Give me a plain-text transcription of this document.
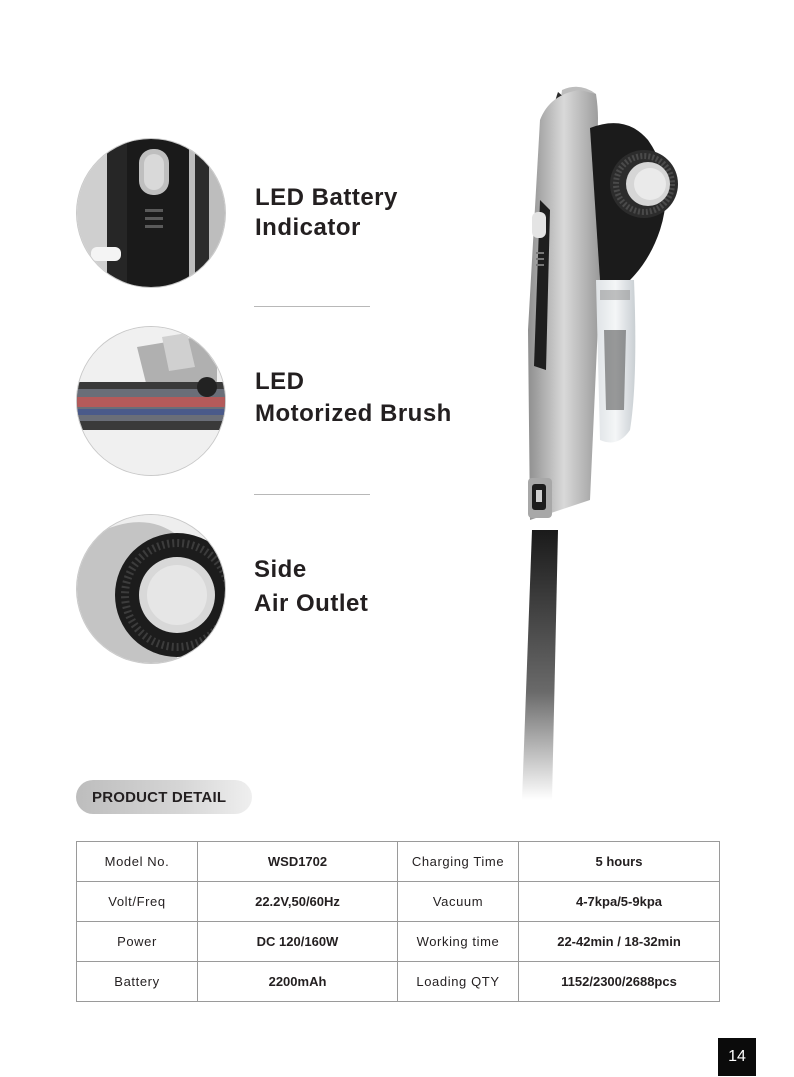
LED Battery
Indicator
LED
Motorized Brush
Side
Air Outlet
PRODUCT DETAIL
Model No.	WSD1702	Charging Time	5 hours
Volt/Freq	22.2V,50/60Hz	Vacuum	4-7kpa/5-9kpa
Power	DC 120/160W	Working time	22-42min / 18-32min
Battery	2200mAh	Loading QTY	1152/2300/2688pcs
14
